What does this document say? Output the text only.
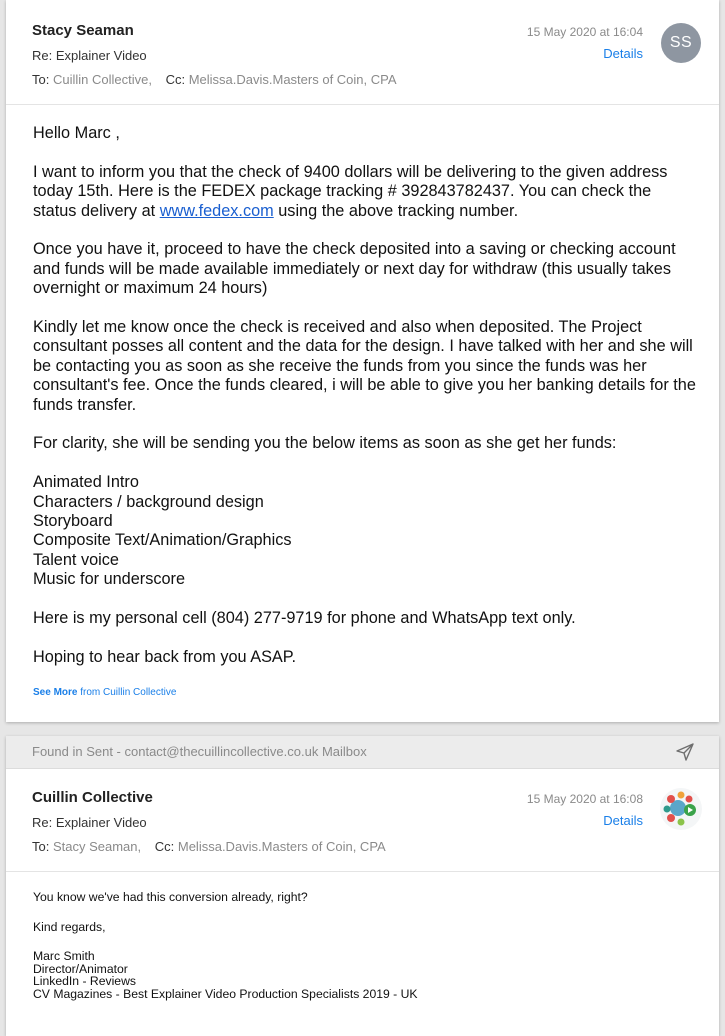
Stacy Seaman
Re: Explainer Video
To: Cuillin Collective, Cc: Melissa.Davis.Masters of Coin, CPA
15 May 2020 at 16:04
Details
SS

Hello Marc ,

I want to inform you that the check of 9400 dollars will be delivering to the given address today 15th. Here is the FEDEX package tracking # 392843782437. You can check the status delivery at www.fedex.com using the above tracking number.

Once you have it, proceed to have the check deposited into a saving or checking account and funds will be made available immediately or next day for withdraw (this usually takes overnight or maximum 24 hours)

Kindly let me know once the check is received and also when deposited. The Project consultant posses all content and the data for the design. I have talked with her and she will be contacting you as soon as she receive the funds from you since the funds was her consultant's fee. Once the funds cleared, i will be able to give you her banking details for the funds transfer.

For clarity, she will be sending you the below items as soon as she get her funds:

Animated Intro
Characters / background design
Storyboard
Composite Text/Animation/Graphics
Talent voice
Music for underscore

Here is my personal cell (804) 277-9719 for phone and WhatsApp text only.

Hoping to hear back from you ASAP.

See More from Cuillin Collective
Found in Sent - contact@thecuillincollective.co.uk Mailbox
Cuillin Collective
Re: Explainer Video
To: Stacy Seaman, Cc: Melissa.Davis.Masters of Coin, CPA
15 May 2020 at 16:08
Details

You know we've had this conversion already, right?

Kind regards,

Marc Smith
Director/Animator
LinkedIn - Reviews
CV Magazines - Best Explainer Video Production Specialists 2019 - UK
